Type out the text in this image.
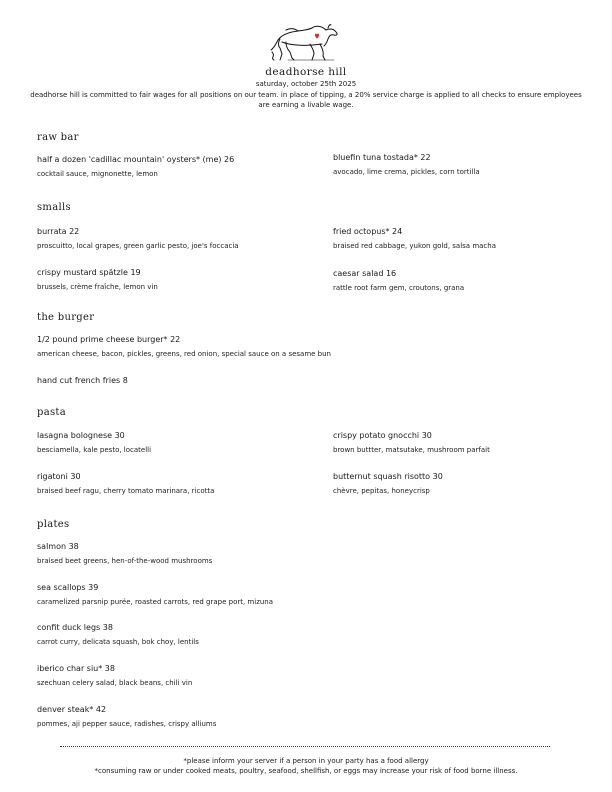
deadhorse hill
saturday, october 25th 2025
deadhorse hill is committed to fair wages for all positions on our team. in place of tipping, a 20% service charge is applied to all checks to ensure employees are earning a livable wage.
raw bar
half a dozen 'cadillac mountain' oysters* (me) 26
cocktail sauce, mignonette, lemon
bluefin tuna tostada* 22
avocado, lime crema, pickles, corn tortilla
smalls
burrata 22
proscuitto, local grapes, green garlic pesto, joe's foccacia
fried octopus* 24
braised red cabbage, yukon gold, salsa macha
crispy mustard spätzle 19
brussels, crème fraîche, lemon vin
caesar salad 16
rattle root farm gem, croutons, grana
the burger
1/2 pound prime cheese burger* 22
american cheese, bacon, pickles, greens, red onion, special sauce on a sesame bun
hand cut french fries 8
pasta
lasagna bolognese 30
besciamella, kale pesto, locatelli
crispy potato gnocchi 30
brown buttter, matsutake, mushroom parfait
rigatoni 30
braised beef ragu, cherry tomato marinara, ricotta
butternut squash risotto 30
chèvre, pepitas, honeycrisp
plates
salmon 38
braised beet greens, hen-of-the-wood mushrooms
sea scallops 39
caramelized parsnip purée, roasted carrots, red grape port, mizuna
confit duck legs 38
carrot curry, delicata squash, bok choy, lentils
iberico char siu* 38
szechuan celery salad, black beans, chili vin
denver steak* 42
pommes, aji pepper sauce, radishes, crispy alliums
*please inform your server if a person in your party has a food allergy
*consuming raw or under cooked meats, poultry, seafood, shellfish, or eggs may increase your risk of food borne illness.
